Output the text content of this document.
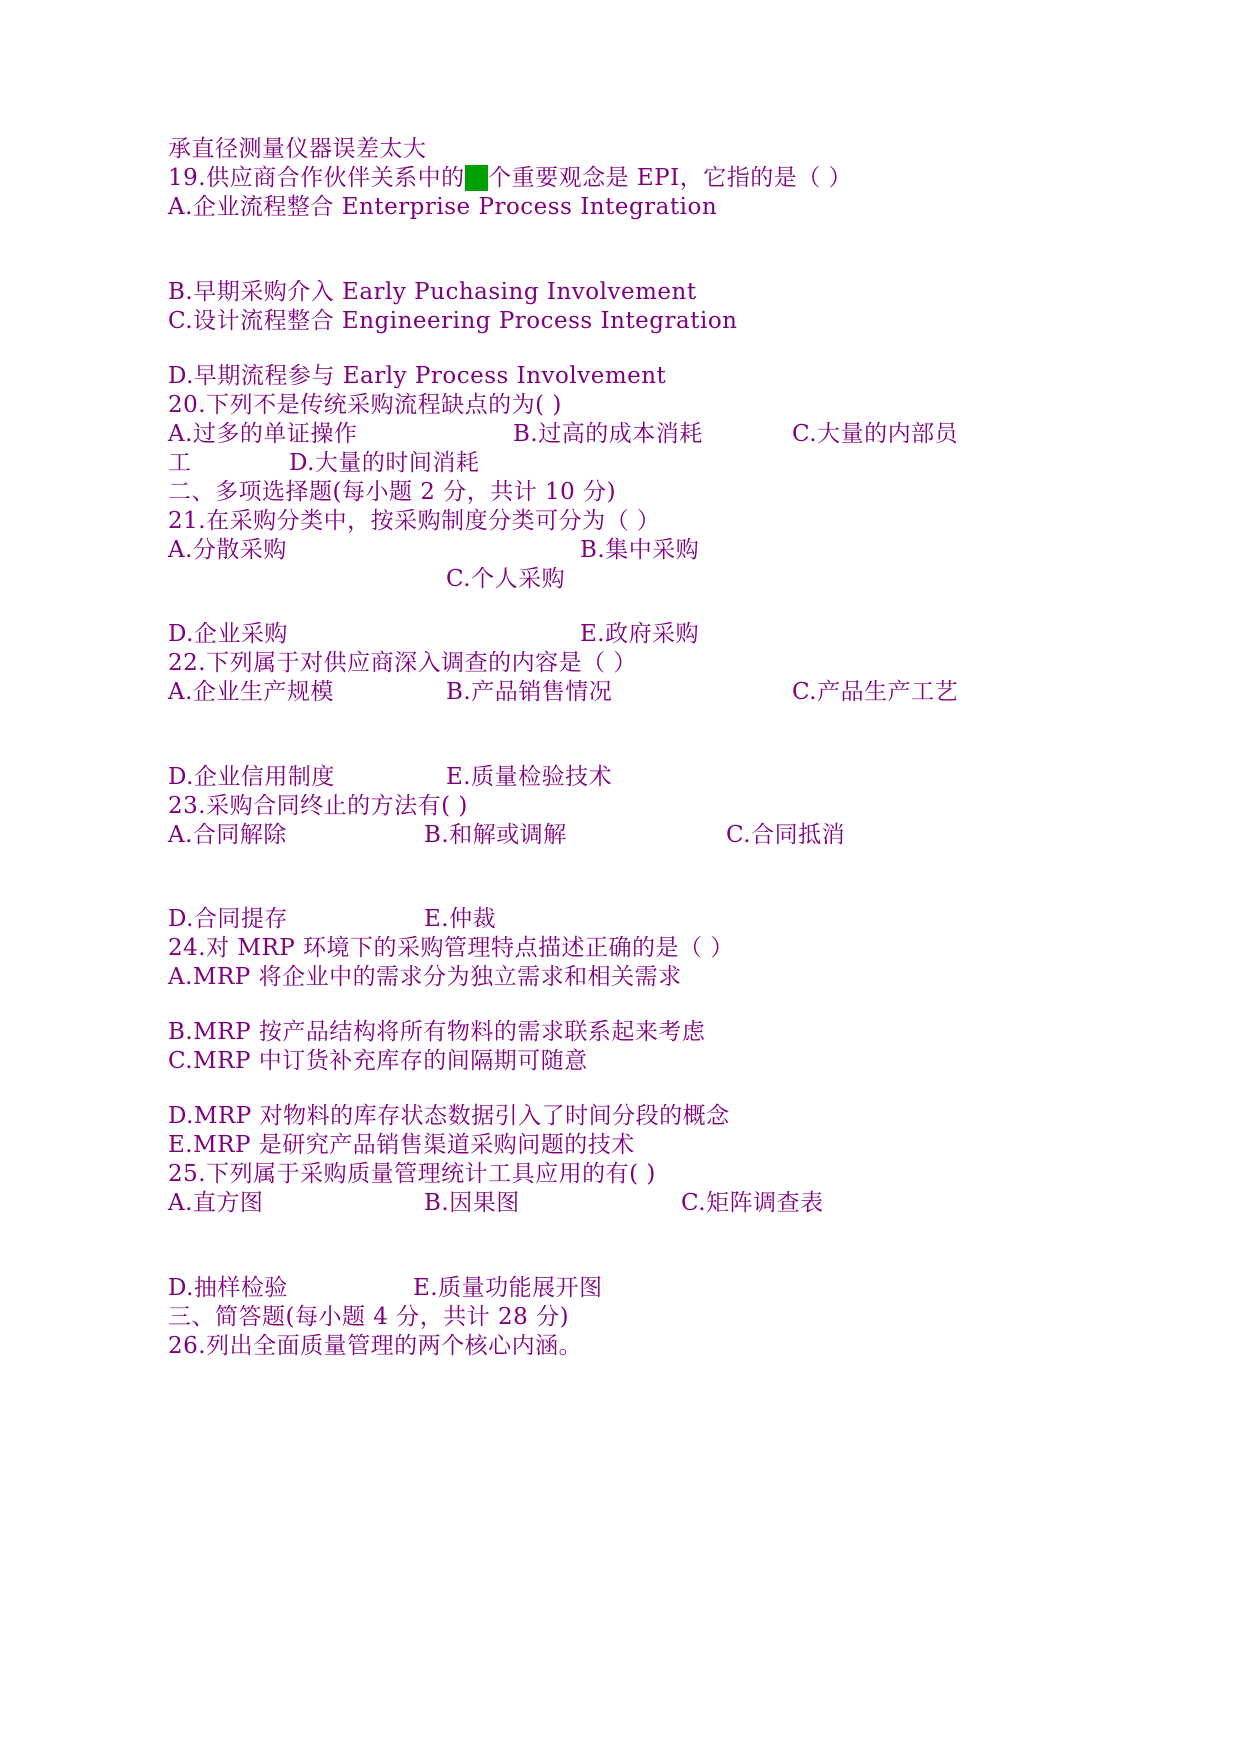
承直径测量仪器误差太大
19.供应商合作伙伴关系中的一个重要观念是 EPI，它指的是（ ）
A.企业流程整合 Enterprise Process Integration
B.早期采购介入 Early Puchasing Involvement
C.设计流程整合 Engineering Process Integration
D.早期流程参与 Early Process Involvement
20.下列不是传统采购流程缺点的为( )
A.过多的单证操作	B.过高的成本消耗	C.大量的内部员
工	D.大量的时间消耗
二、多项选择题(每小题 2 分，共计 10 分)
21.在采购分类中，按采购制度分类可分为（ ）
A.分散采购	B.集中采购
C.个人采购
D.企业采购	E.政府采购
22.下列属于对供应商深入调查的内容是（ ）
A.企业生产规模	B.产品销售情况	C.产品生产工艺
D.企业信用制度	E.质量检验技术
23.采购合同终止的方法有( )
A.合同解除	B.和解或调解	C.合同抵消
D.合同提存	E.仲裁
24.对 MRP 环境下的采购管理特点描述正确的是（ ）
A.MRP 将企业中的需求分为独立需求和相关需求
B.MRP 按产品结构将所有物料的需求联系起来考虑
C.MRP 中订货补充库存的间隔期可随意
D.MRP 对物料的库存状态数据引入了时间分段的概念
E.MRP 是研究产品销售渠道采购问题的技术
25.下列属于采购质量管理统计工具应用的有( )
A.直方图	B.因果图	C.矩阵调查表
D.抽样检验	E.质量功能展开图
三、简答题(每小题 4 分，共计 28 分)
26.列出全面质量管理的两个核心内涵。
